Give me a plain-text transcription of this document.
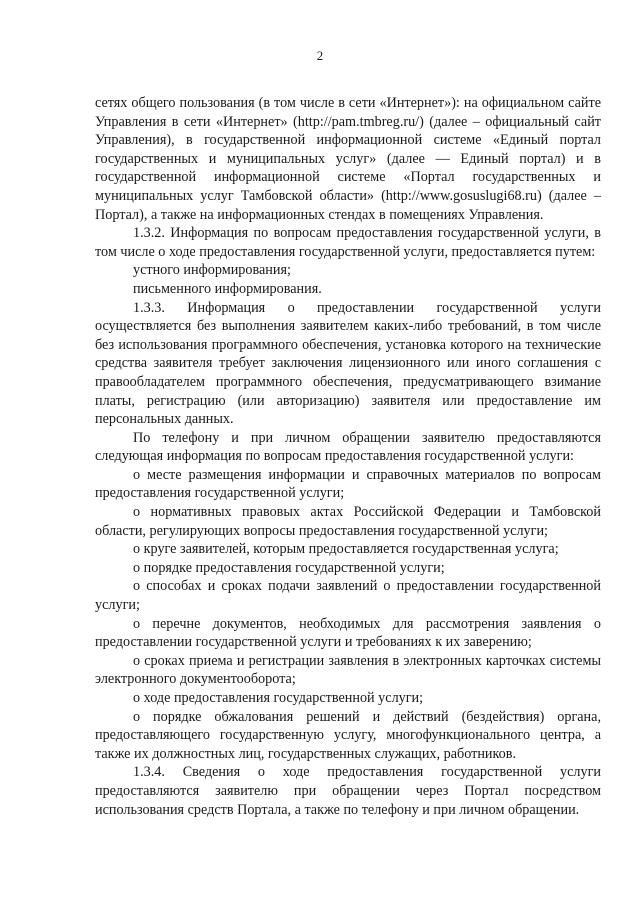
2

сетях общего пользования (в том числе в сети «Интернет»): на официальном сайте Управления в сети «Интернет» (http://pam.tmbreg.ru/) (далее – официальный сайт Управления), в государственной информационной системе «Единый портал государственных и муниципальных услуг» (далее — Единый портал) и в государственной информационной системе «Портал государственных и муниципальных услуг Тамбовской области» (http://www.gosuslugi68.ru) (далее – Портал), а также на информационных стендах в помещениях Управления.

1.3.2. Информация по вопросам предоставления государственной услуги, в том числе о ходе предоставления государственной услуги, предоставляется путем:

устного информирования;

письменного информирования.

1.3.3. Информация о предоставлении государственной услуги осуществляется без выполнения заявителем каких-либо требований, в том числе без использования программного обеспечения, установка которого на технические средства заявителя требует заключения лицензионного или иного соглашения с правообладателем программного обеспечения, предусматривающего взимание платы, регистрацию (или авторизацию) заявителя или предоставление им персональных данных.

По телефону и при личном обращении заявителю предоставляются следующая информация по вопросам предоставления государственной услуги:

о месте размещения информации и справочных материалов по вопросам предоставления государственной услуги;

о нормативных правовых актах Российской Федерации и Тамбовской области, регулирующих вопросы предоставления государственной услуги;

о круге заявителей, которым предоставляется государственная услуга;

о порядке предоставления государственной услуги;

о способах и сроках подачи заявлений о предоставлении государственной услуги;

о перечне документов, необходимых для рассмотрения заявления о предоставлении государственной услуги и требованиях к их заверению;

о сроках приема и регистрации заявления в электронных карточках системы электронного документооборота;

о ходе предоставления государственной услуги;

о порядке обжалования решений и действий (бездействия) органа, предоставляющего государственную услугу, многофункционального центра, а также их должностных лиц, государственных служащих, работников.

1.3.4. Сведения о ходе предоставления государственной услуги предоставляются заявителю при обращении через Портал посредством использования средств Портала, а также по телефону и при личном обращении.
